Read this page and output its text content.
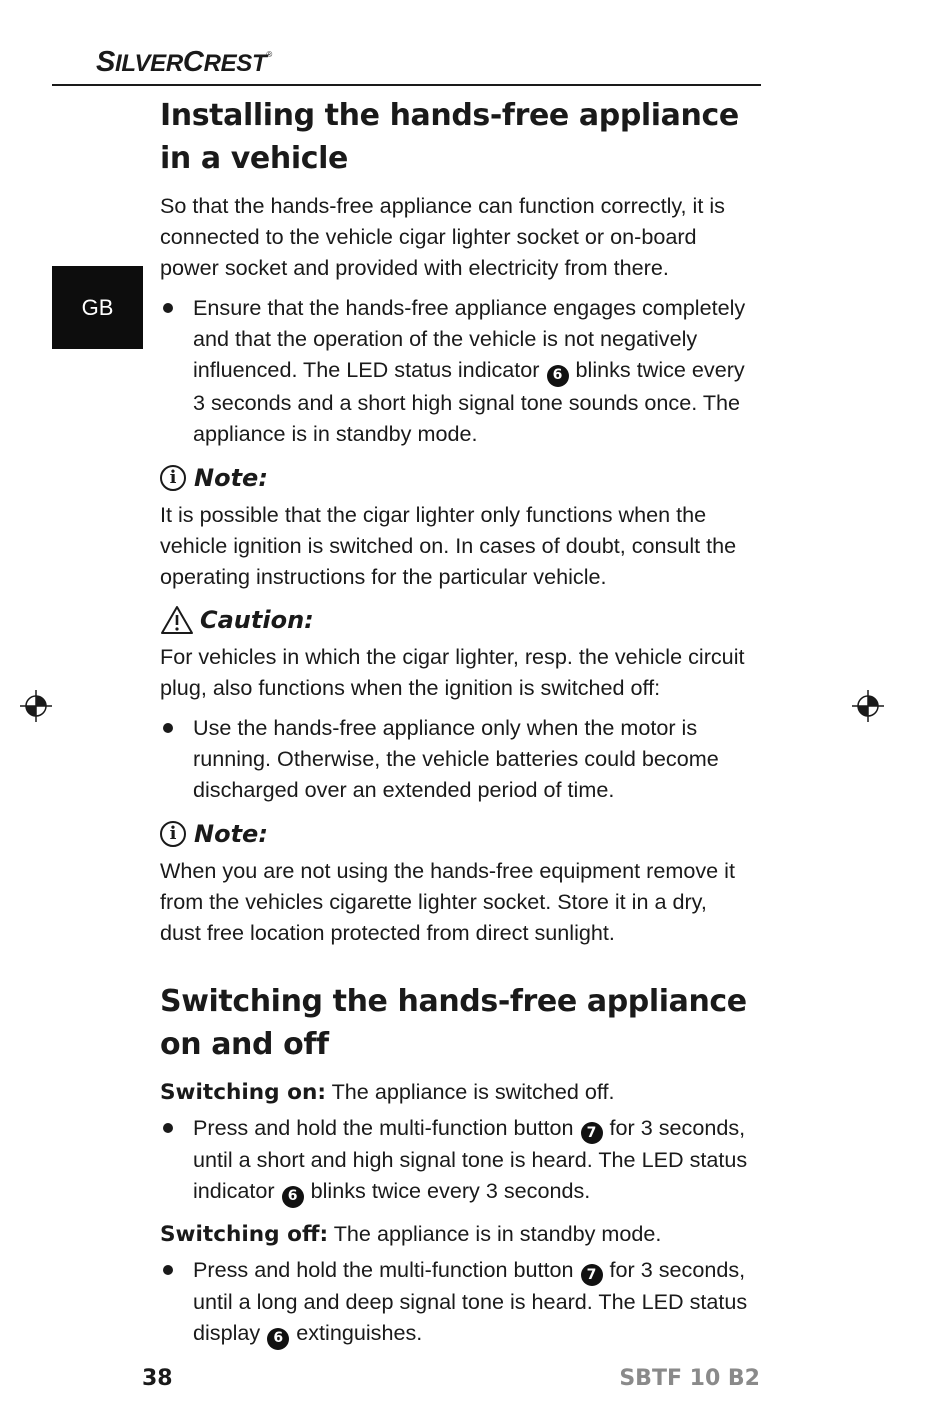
SILVERCREST®
GB
Installing the hands-free appliance in a vehicle

So that the hands-free appliance can function correctly, it is connected to the vehicle cigar lighter socket or on-board power socket and provided with electricity from there.

Ensure that the hands-free appliance engages completely and that the operation of the vehicle is not negatively influenced. The LED status indicator 6 blinks twice every 3 seconds and a short high signal tone sounds once. The appliance is in standby mode.
i Note:

It is possible that the cigar lighter only functions when the vehicle ignition is switched on. In cases of doubt, consult the operating instructions for the particular vehicle.

Caution:

For vehicles in which the cigar lighter, resp. the vehicle circuit plug, also functions when the ignition is switched off:

Use the hands-free appliance only when the motor is running. Otherwise, the vehicle batteries could become discharged over an extended period of time.
i Note:

When you are not using the hands-free equipment remove it from the vehicles cigarette lighter socket. Store it in a dry, dust free location protected from direct sunlight.

Switching the hands-free appliance on and off

Switching on: The appliance is switched off.

Press and hold the multi-function button 7 for 3 seconds, until a short and high signal tone is heard. The LED status indicator 6 blinks twice every 3 seconds.

Switching off: The appliance is in standby mode.

Press and hold the multi-function button 7 for 3 seconds, until a long and deep signal tone is heard. The LED status display 6 extinguishes.
38	SBTF 10 B2
